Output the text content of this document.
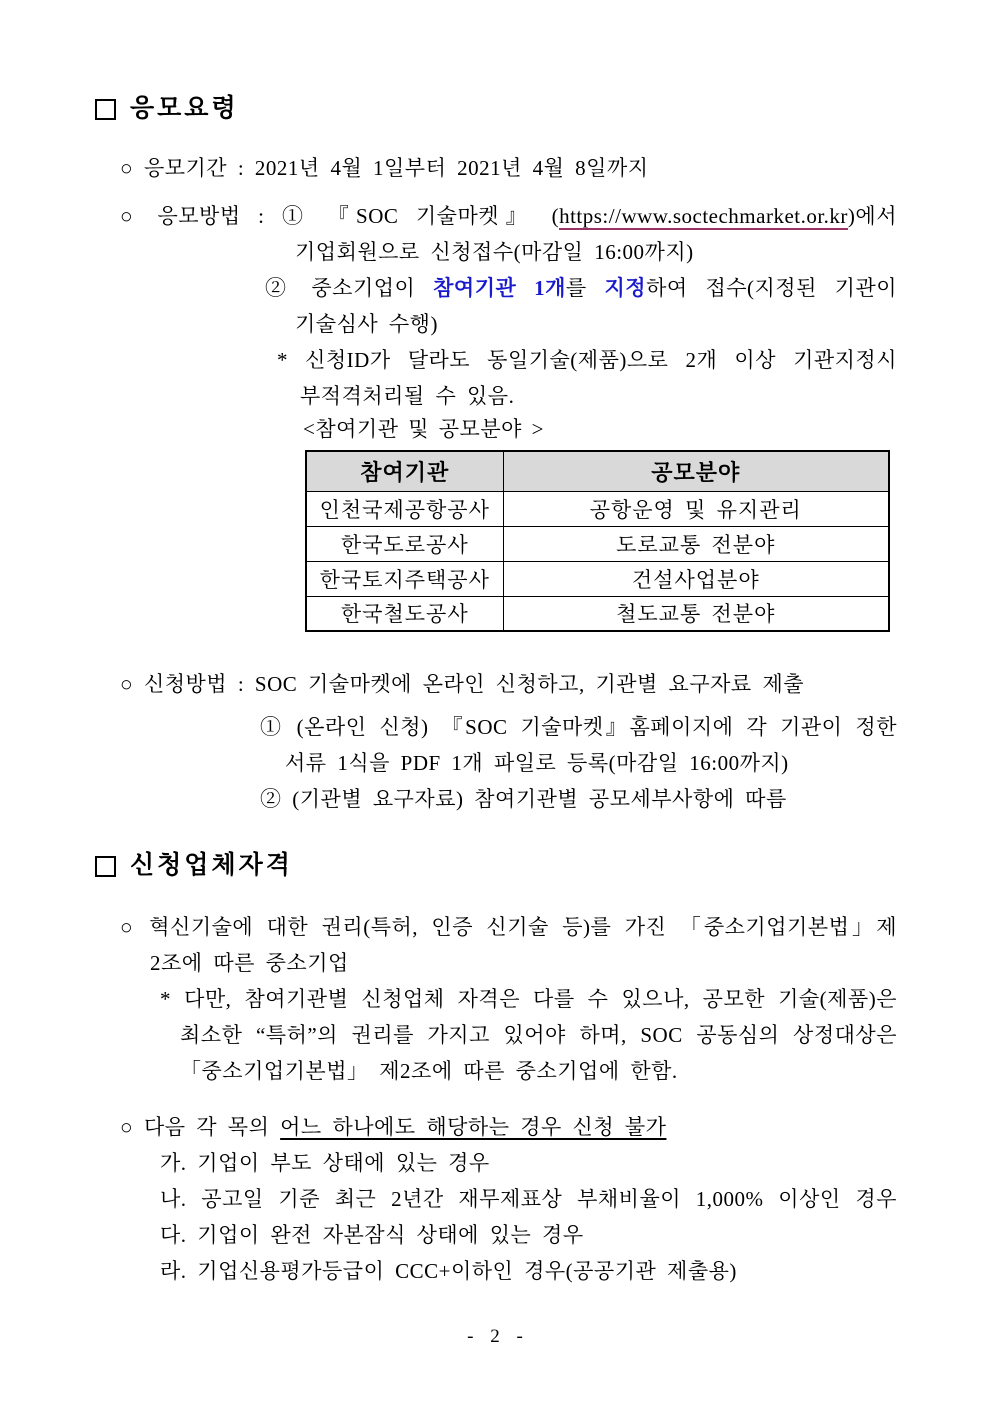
응모요령
○ 응모기간 : 2021년 4월 1일부터 2021년 4월 8일까지
○ 응모방법 : ① 『SOC 기술마켓』 (https://www.soctechmarket.or.kr)에서
기업회원으로 신청접수(마감일 16:00까지)
② 중소기업이 참여기관 1개를 지정하여 접수(지정된 기관이
기술심사 수행)
* 신청ID가 달라도 동일기술(제품)으로 2개 이상 기관지정시
부적격처리될 수 있음.
<참여기관 및 공모분야 >
참여기관	공모분야
인천국제공항공사	공항운영 및 유지관리
한국도로공사	도로교통 전분야
한국토지주택공사	건설사업분야
한국철도공사	철도교통 전분야
○ 신청방법 : SOC 기술마켓에 온라인 신청하고, 기관별 요구자료 제출
① (온라인 신청) 『SOC 기술마켓』홈페이지에 각 기관이 정한
서류 1식을 PDF 1개 파일로 등록(마감일 16:00까지)
② (기관별 요구자료) 참여기관별 공모세부사항에 따름
신청업체자격
○ 혁신기술에 대한 권리(특허, 인증 신기술 등)를 가진 「중소기업기본법」제
2조에 따른 중소기업
* 다만, 참여기관별 신청업체 자격은 다를 수 있으나, 공모한 기술(제품)은
최소한 “특허”의 권리를 가지고 있어야 하며, SOC 공동심의 상정대상은
「중소기업기본법」 제2조에 따른 중소기업에 한함.
○ 다음 각 목의 어느 하나에도 해당하는 경우 신청 불가
가. 기업이 부도 상태에 있는 경우
나. 공고일 기준 최근 2년간 재무제표상 부채비율이 1,000% 이상인 경우
다. 기업이 완전 자본잠식 상태에 있는 경우
라. 기업신용평가등급이 CCC+이하인 경우(공공기관 제출용)
- 2 -
